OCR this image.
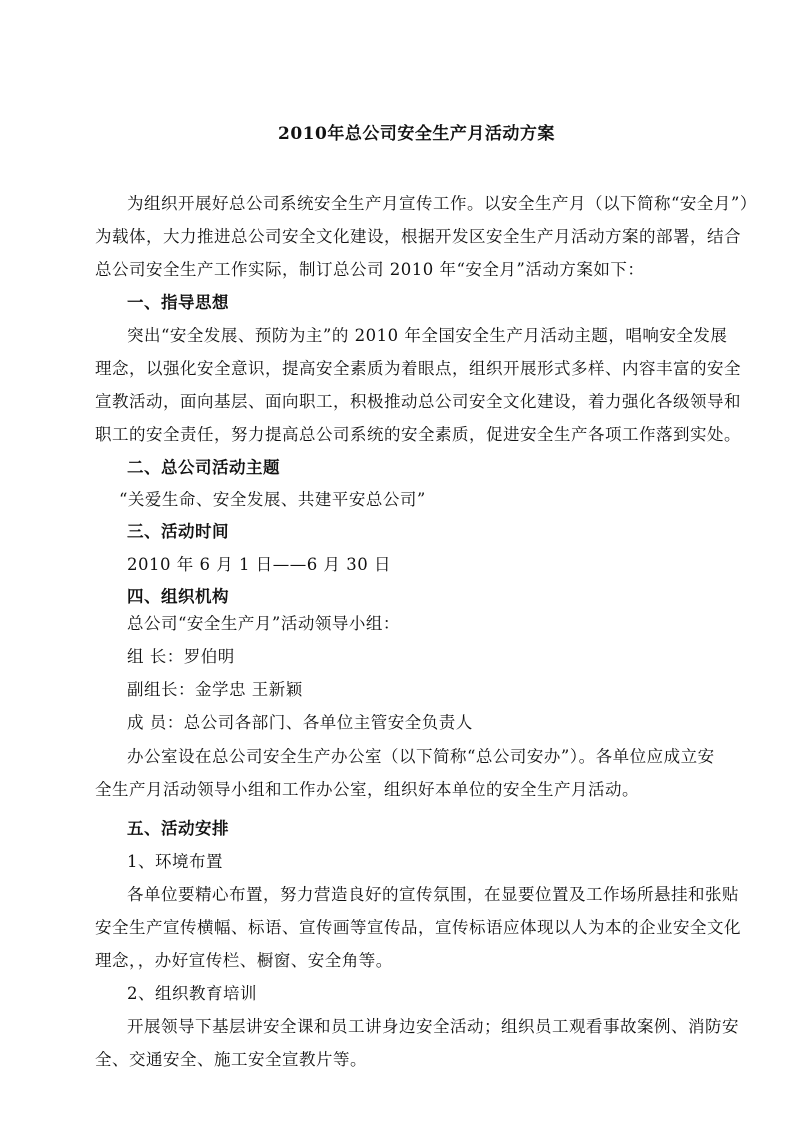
2010年总公司安全生产月活动方案

为组织开展好总公司系统安全生产月宣传工作。以安全生产月（以下简称“安全月”）

为载体，大力推进总公司安全文化建设，根据开发区安全生产月活动方案的部署，结合

总公司安全生产工作实际，制订总公司 2010 年“安全月”活动方案如下：

一、指导思想

突出“安全发展、预防为主”的 2010 年全国安全生产月活动主题，唱响安全发展

理念，以强化安全意识，提高安全素质为着眼点，组织开展形式多样、内容丰富的安全

宣教活动，面向基层、面向职工，积极推动总公司安全文化建设，着力强化各级领导和

职工的安全责任，努力提高总公司系统的安全素质，促进安全生产各项工作落到实处。

二、总公司活动主题

“关爱生命、安全发展、共建平安总公司”

三、活动时间

2010 年 6 月 1 日——6 月 30 日

四、组织机构

总公司“安全生产月”活动领导小组：

组 长：罗伯明

副组长：金学忠 王新颖

成 员：总公司各部门、各单位主管安全负责人

办公室设在总公司安全生产办公室（以下简称“总公司安办”）。各单位应成立安

全生产月活动领导小组和工作办公室，组织好本单位的安全生产月活动。

五、活动安排

1、环境布置

各单位要精心布置，努力营造良好的宣传氛围，在显要位置及工作场所悬挂和张贴

安全生产宣传横幅、标语、宣传画等宣传品，宣传标语应体现以人为本的企业安全文化

理念，，办好宣传栏、橱窗、安全角等。

2、组织教育培训

开展领导下基层讲安全课和员工讲身边安全活动；组织员工观看事故案例、消防安

全、交通安全、施工安全宣教片等。
